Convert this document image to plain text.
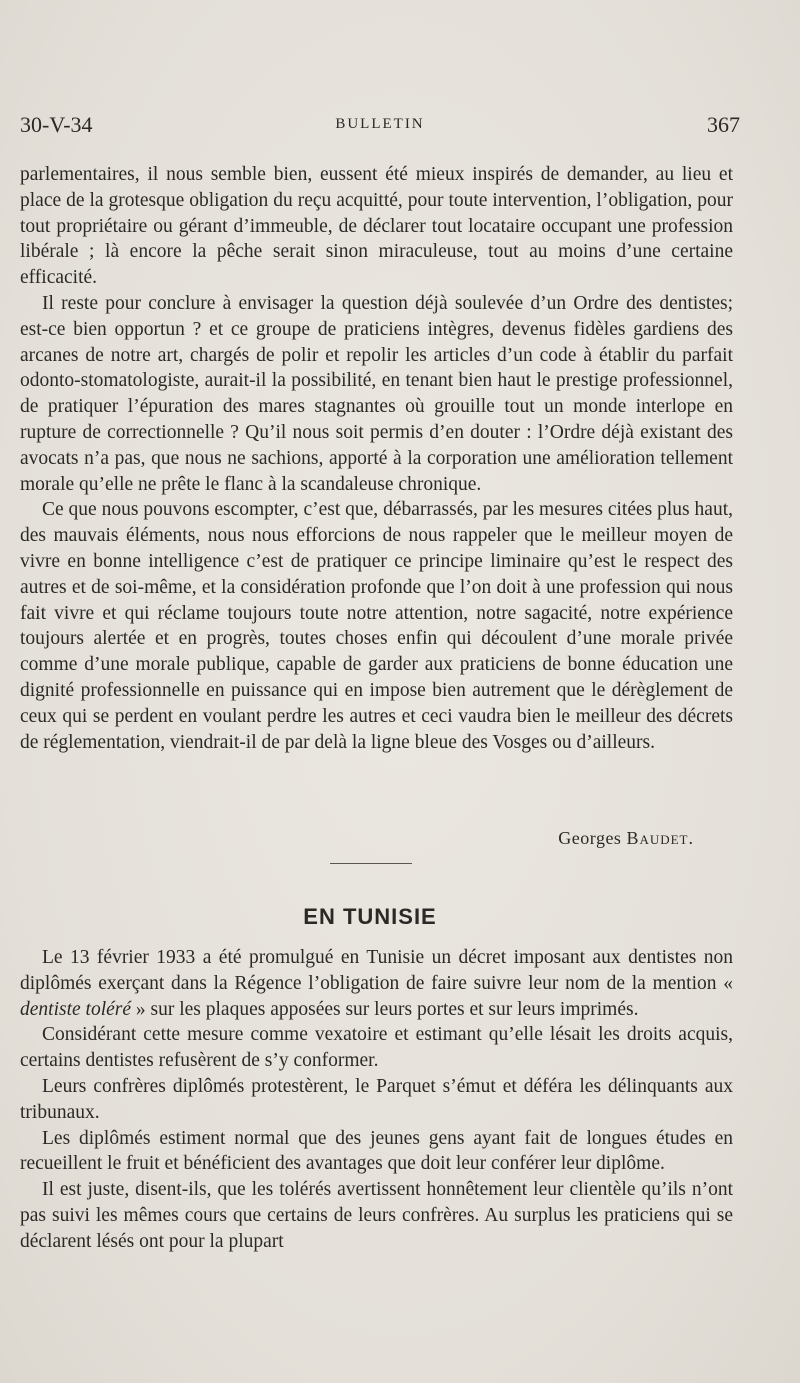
30-V-34	BULLETIN	367

parlementaires, il nous semble bien, eussent été mieux inspirés de demander, au lieu et place de la grotesque obligation du reçu acquitté, pour toute intervention, l’obligation, pour tout propriétaire ou gérant d’immeuble, de déclarer tout locataire occupant une profession libérale ; là encore la pêche serait sinon miraculeuse, tout au moins d’une certaine efficacité.

Il reste pour conclure à envisager la question déjà soulevée d’un Ordre des dentistes; est-ce bien opportun ? et ce groupe de praticiens intègres, devenus fidèles gardiens des arcanes de notre art, chargés de polir et repolir les articles d’un code à établir du parfait odonto-stomatologiste, aurait-il la possibilité, en tenant bien haut le prestige professionnel, de pratiquer l’épuration des mares stagnantes où grouille tout un monde interlope en rupture de correctionnelle ? Qu’il nous soit permis d’en douter : l’Ordre déjà existant des avocats n’a pas, que nous ne sachions, apporté à la corporation une amélioration tellement morale qu’elle ne prête le flanc à la scandaleuse chronique.

Ce que nous pouvons escompter, c’est que, débarrassés, par les mesures citées plus haut, des mauvais éléments, nous nous efforcions de nous rappeler que le meilleur moyen de vivre en bonne intelligence c’est de pratiquer ce principe liminaire qu’est le respect des autres et de soi-même, et la considération profonde que l’on doit à une profession qui nous fait vivre et qui réclame toujours toute notre attention, notre sagacité, notre expérience toujours alertée et en progrès, toutes choses enfin qui découlent d’une morale privée comme d’une morale publique, capable de garder aux praticiens de bonne éducation une dignité professionnelle en puissance qui en impose bien autrement que le dérèglement de ceux qui se perdent en voulant perdre les autres et ceci vaudra bien le meilleur des décrets de réglementation, viendrait-il de par delà la ligne bleue des Vosges ou d’ailleurs.

Georges Baudet.
EN TUNISIE

Le 13 février 1933 a été promulgué en Tunisie un décret imposant aux dentistes non diplômés exerçant dans la Régence l’obligation de faire suivre leur nom de la mention « dentiste toléré » sur les plaques apposées sur leurs portes et sur leurs imprimés.

Considérant cette mesure comme vexatoire et estimant qu’elle lésait les droits acquis, certains dentistes refusèrent de s’y conformer.

Leurs confrères diplômés protestèrent, le Parquet s’émut et déféra les délinquants aux tribunaux.

Les diplômés estiment normal que des jeunes gens ayant fait de longues études en recueillent le fruit et bénéficient des avantages que doit leur conférer leur diplôme.

Il est juste, disent-ils, que les tolérés avertissent honnêtement leur clientèle qu’ils n’ont pas suivi les mêmes cours que certains de leurs confrères. Au surplus les praticiens qui se déclarent lésés ont pour la plupart
